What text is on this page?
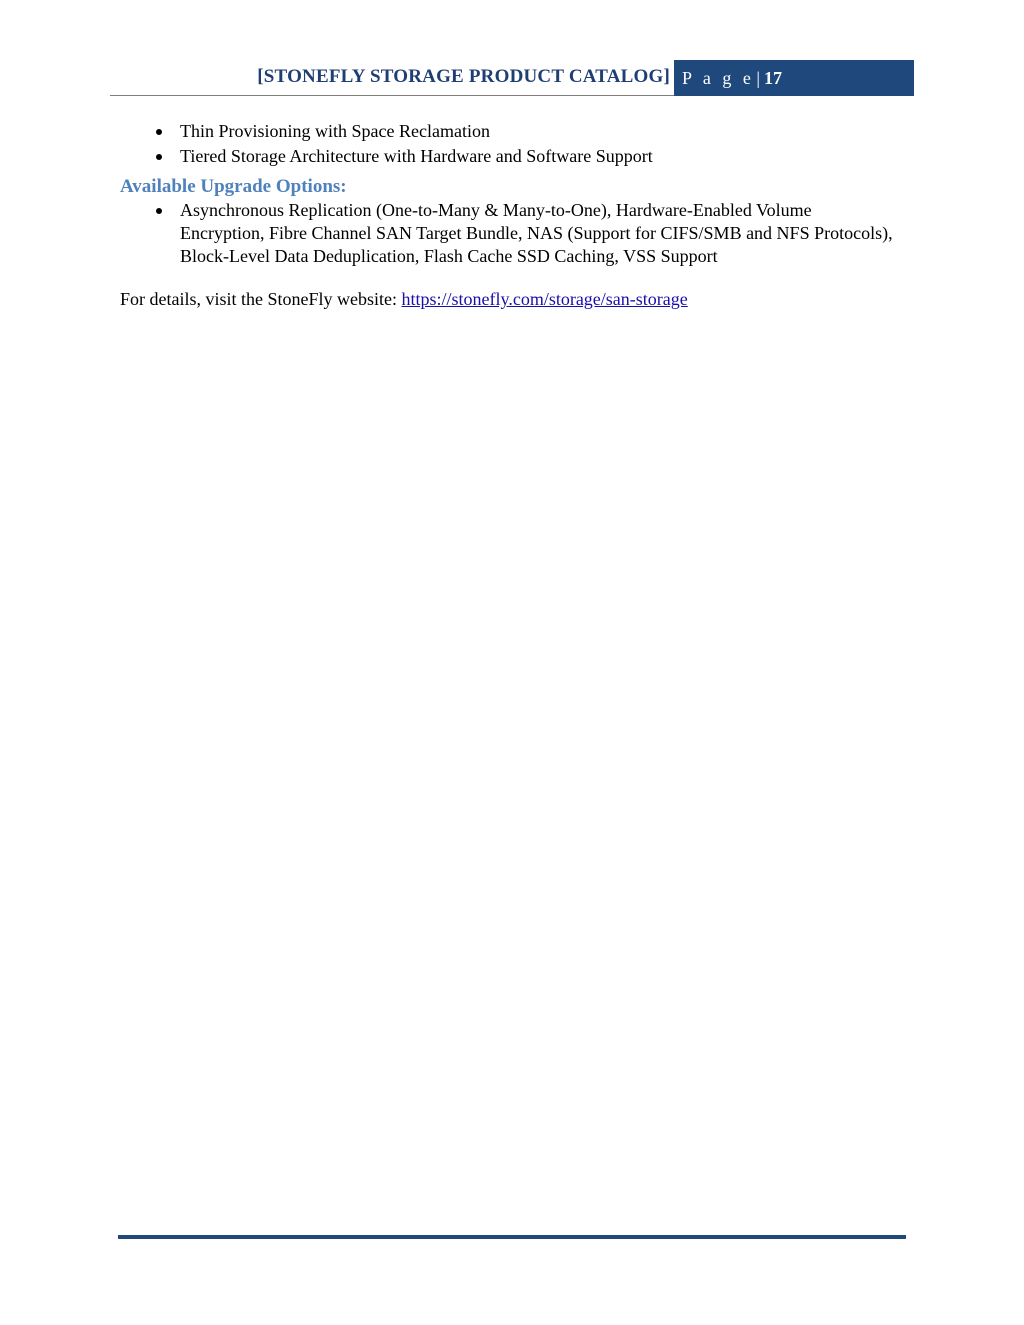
[STONEFLY STORAGE PRODUCT CATALOG] P a g e | 17
Thin Provisioning with Space Reclamation
Tiered Storage Architecture with Hardware and Software Support
Available Upgrade Options:
Asynchronous Replication (One-to-Many & Many-to-One), Hardware-Enabled Volume Encryption, Fibre Channel SAN Target Bundle, NAS (Support for CIFS/SMB and NFS Protocols), Block-Level Data Deduplication, Flash Cache SSD Caching, VSS Support
For details, visit the StoneFly website: https://stonefly.com/storage/san-storage
